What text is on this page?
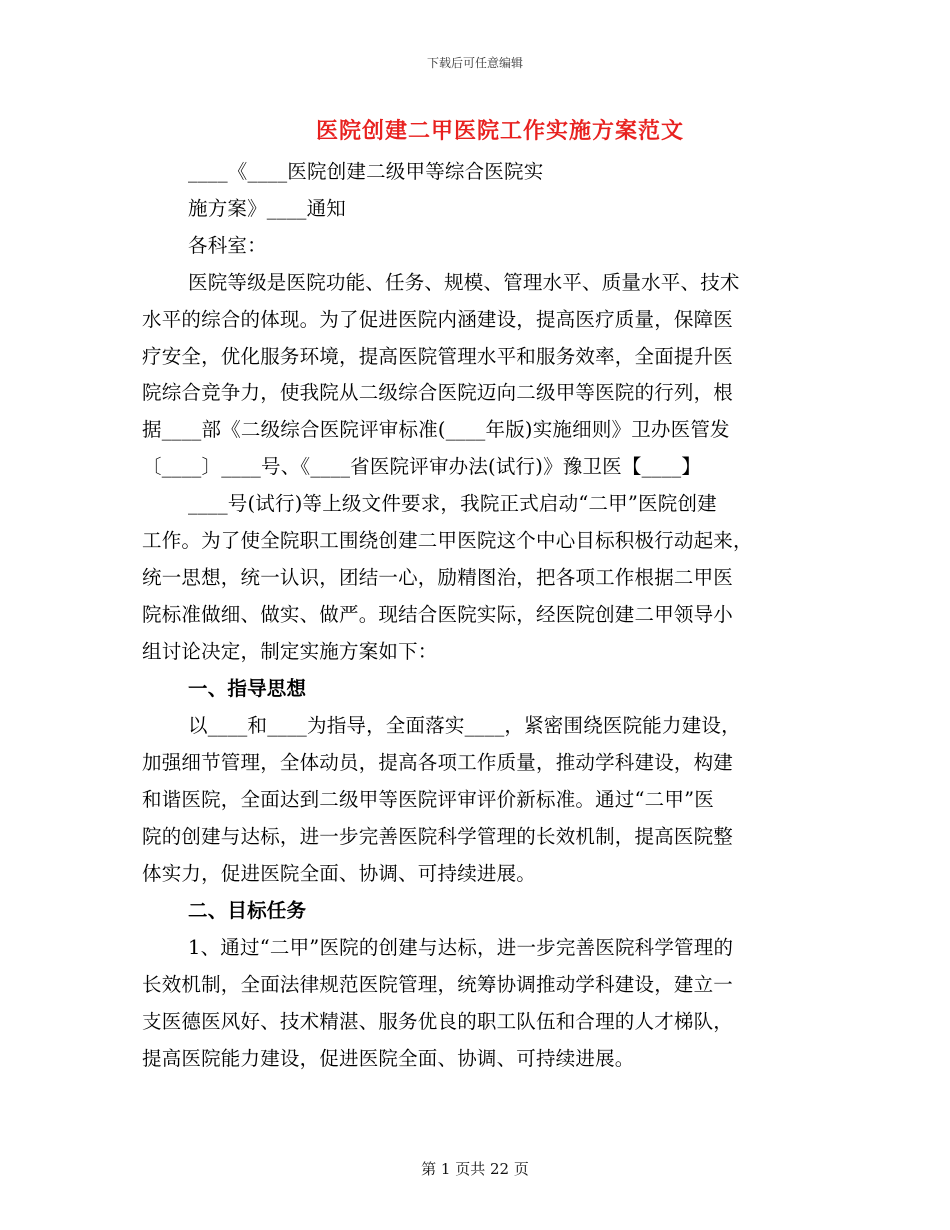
下载后可任意编辑
医院创建二甲医院工作实施方案范文
____《____医院创建二级甲等综合医院实
施方案》____通知
各科室：
医院等级是医院功能、任务、规模、管理水平、质量水平、技术
水平的综合的体现。为了促进医院内涵建设，提高医疗质量，保障医
疗安全，优化服务环境，提高医院管理水平和服务效率，全面提升医
院综合竞争力，使我院从二级综合医院迈向二级甲等医院的行列，根
据____部《二级综合医院评审标准(____年版)实施细则》卫办医管发
〔____〕____号、《____省医院评审办法(试行)》豫卫医【____】
____号(试行)等上级文件要求，我院正式启动“二甲”医院创建
工作。为了使全院职工围绕创建二甲医院这个中心目标积极行动起来，
统一思想，统一认识，团结一心，励精图治，把各项工作根据二甲医
院标准做细、做实、做严。现结合医院实际，经医院创建二甲领导小
组讨论决定，制定实施方案如下：
一、指导思想
以____和____为指导，全面落实____，紧密围绕医院能力建设，
加强细节管理，全体动员，提高各项工作质量，推动学科建设，构建
和谐医院，全面达到二级甲等医院评审评价新标准。通过“二甲”医
院的创建与达标，进一步完善医院科学管理的长效机制，提高医院整
体实力，促进医院全面、协调、可持续进展。
二、目标任务
1、通过“二甲”医院的创建与达标，进一步完善医院科学管理的
长效机制，全面法律规范医院管理，统筹协调推动学科建设，建立一
支医德医风好、技术精湛、服务优良的职工队伍和合理的人才梯队，
提高医院能力建设，促进医院全面、协调、可持续进展。
第 1 页共 22 页
